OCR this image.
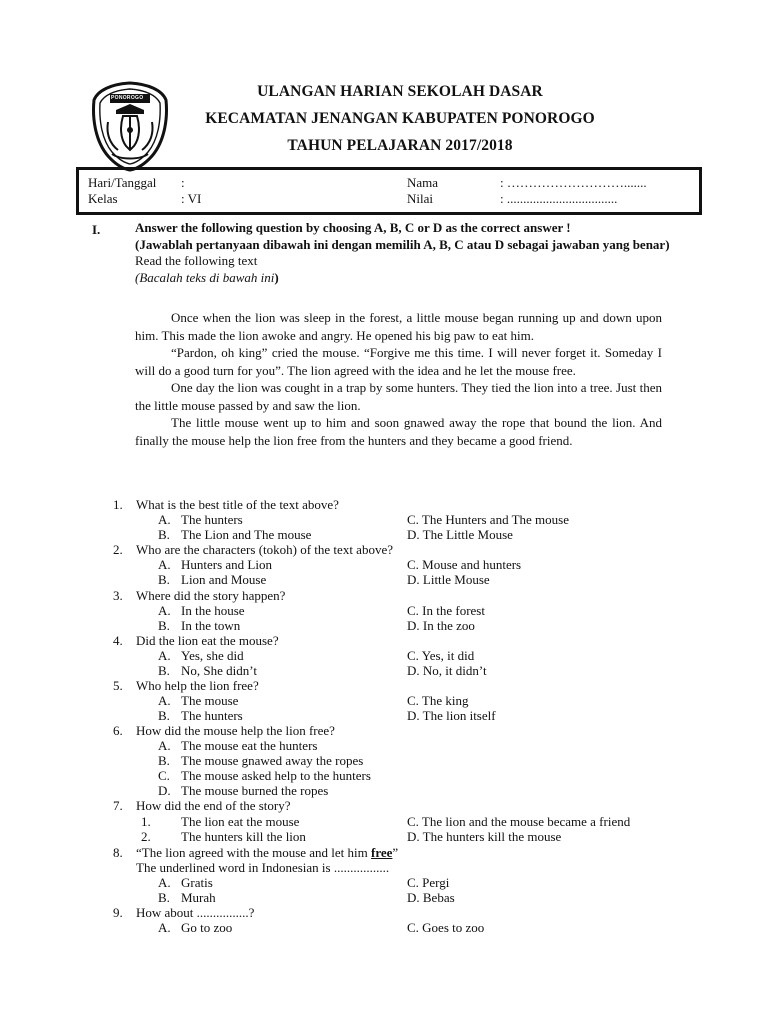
PONOROGO	ULANGAN HARIAN SEKOLAH DASAR
KECAMATAN JENANGAN KABUPATEN PONOROGO
TAHUN PELAJARAN 2017/2018
Hari/Tanggal :
Kelas	: VI
Nama	: ……………………….......
Nilai	: ..................................
I.	Answer the following question by choosing A, B, C or D as the correct answer !
(Jawablah pertanyaan dibawah ini dengan memilih A, B, C atau D sebagai jawaban yang benar)
Read the following text
(Bacalah teks di bawah ini)

Once when the lion was sleep in the forest, a little mouse began running up and down upon him. This made the lion awoke and angry. He opened his big paw to eat him.

“Pardon, oh king” cried the mouse. “Forgive me this time. I will never forget it. Someday I will do a good turn for you”. The lion agreed with the idea and he let the mouse free.

One day the lion was cought in a trap by some hunters. They tied the lion into a tree. Just then the little mouse passed by and saw the lion.

The little mouse went up to him and soon gnawed away the rope that bound the lion. And finally the mouse help the lion free from the hunters and they became a good friend.

1. What is the best title of the text above?
A. The hunters	C. The Hunters and The mouse
B. The Lion and The mouse	D. The Little Mouse
2. Who are the characters (tokoh) of the text above?
A. Hunters and Lion	C. Mouse and hunters
B. Lion and Mouse	D. Little Mouse
3. Where did the story happen?
A. In the house	C. In the forest
B. In the town	D. In the zoo
4. Did the lion eat the mouse?
A. Yes, she did	C. Yes, it did
B. No, She didn’t	D. No, it didn’t
5. Who help the lion free?
A. The mouse	C. The king
B. The hunters	D. The lion itself
6. How did the mouse help the lion free?
A. The mouse eat the hunters
B. The mouse gnawed away the ropes
C. The mouse asked help to the hunters
D. The mouse burned the ropes
7. How did the end of the story?
1. The lion eat the mouse	C. The lion and the mouse became a friend
2. The hunters kill the lion	D. The hunters kill the mouse
8. “The lion agreed with the mouse and let him free”
The underlined word in Indonesian is .................
A. Gratis	C. Pergi
B. Murah	D. Bebas
9. How about ................?
A. Go to zoo	C. Goes to zoo
